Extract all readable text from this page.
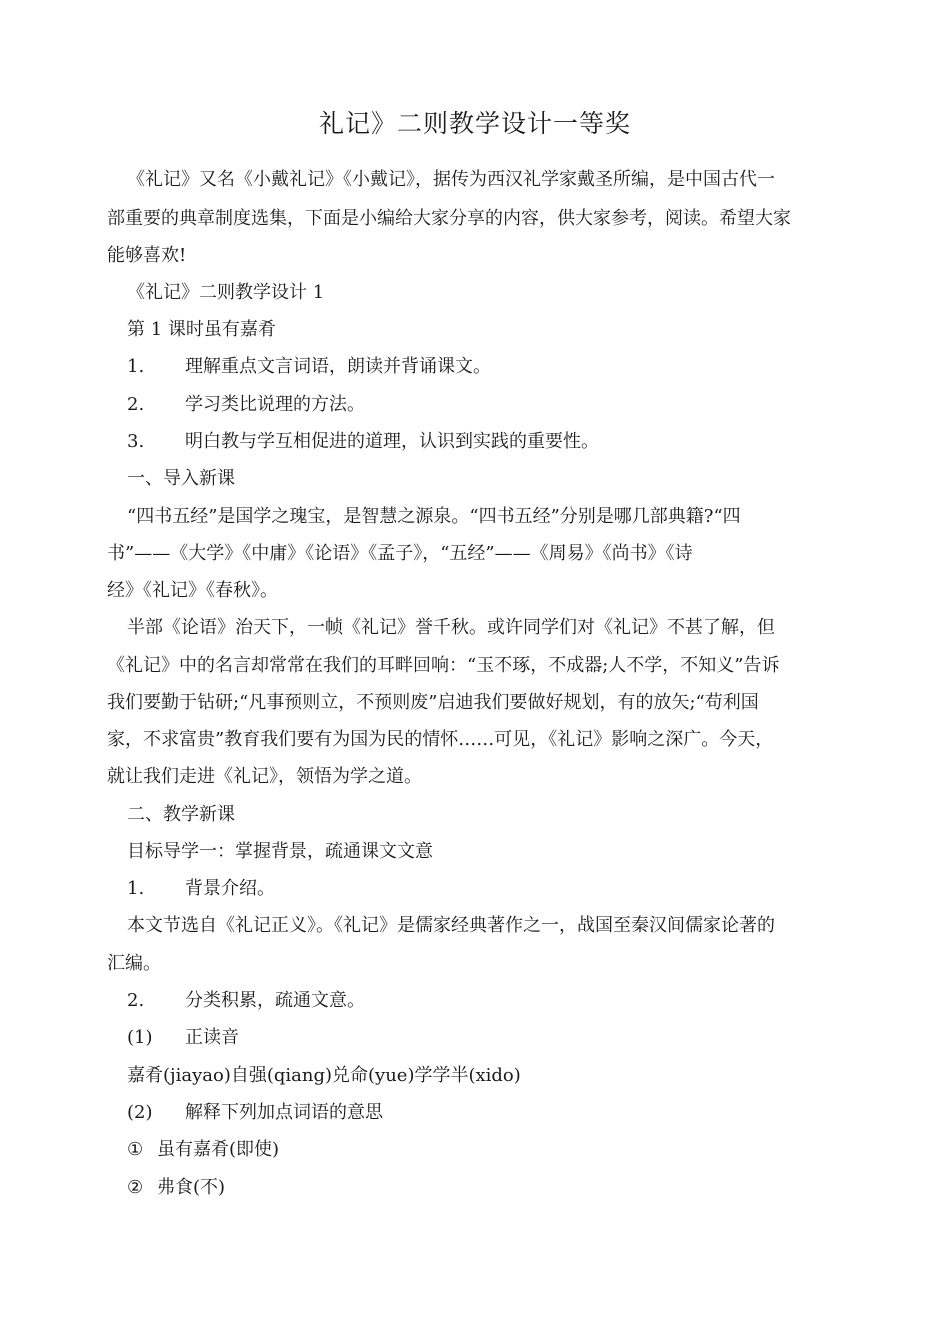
礼记》二则教学设计一等奖
《礼记》又名《小戴礼记》《小戴记》，据传为西汉礼学家戴圣所编，是中国古代一
部重要的典章制度选集，下面是小编给大家分享的内容，供大家参考，阅读。希望大家
能够喜欢!
《礼记》二则教学设计 1
第 1 课时虽有嘉肴
1. 理解重点文言词语，朗读并背诵课文。
2. 学习类比说理的方法。
3. 明白教与学互相促进的道理，认识到实践的重要性。
一、导入新课
“四书五经”是国学之瑰宝，是智慧之源泉。“四书五经”分别是哪几部典籍?“四
书”——《大学》《中庸》《论语》《孟子》，“五经”——《周易》《尚书》《诗
经》《礼记》《春秋》。
半部《论语》治天下，一帧《礼记》誉千秋。或许同学们对《礼记》不甚了解，但
《礼记》中的名言却常常在我们的耳畔回响：“玉不琢，不成器;人不学，不知义”告诉
我们要勤于钻研;“凡事预则立，不预则废”启迪我们要做好规划，有的放矢;“苟利国
家，不求富贵”教育我们要有为国为民的情怀……可见，《礼记》影响之深广。今天，
就让我们走进《礼记》，领悟为学之道。
二、教学新课
目标导学一：掌握背景，疏通课文文意
1. 背景介绍。
本文节选自《礼记正义》。《礼记》是儒家经典著作之一，战国至秦汉间儒家论著的
汇编。
2. 分类积累，疏通文意。
(1) 正读音
嘉肴(jiayao)自强(qiang)兑命(yue)学学半(xido)
(2) 解释下列加点词语的意思
① 虽有嘉肴(即使)
② 弗食(不)
